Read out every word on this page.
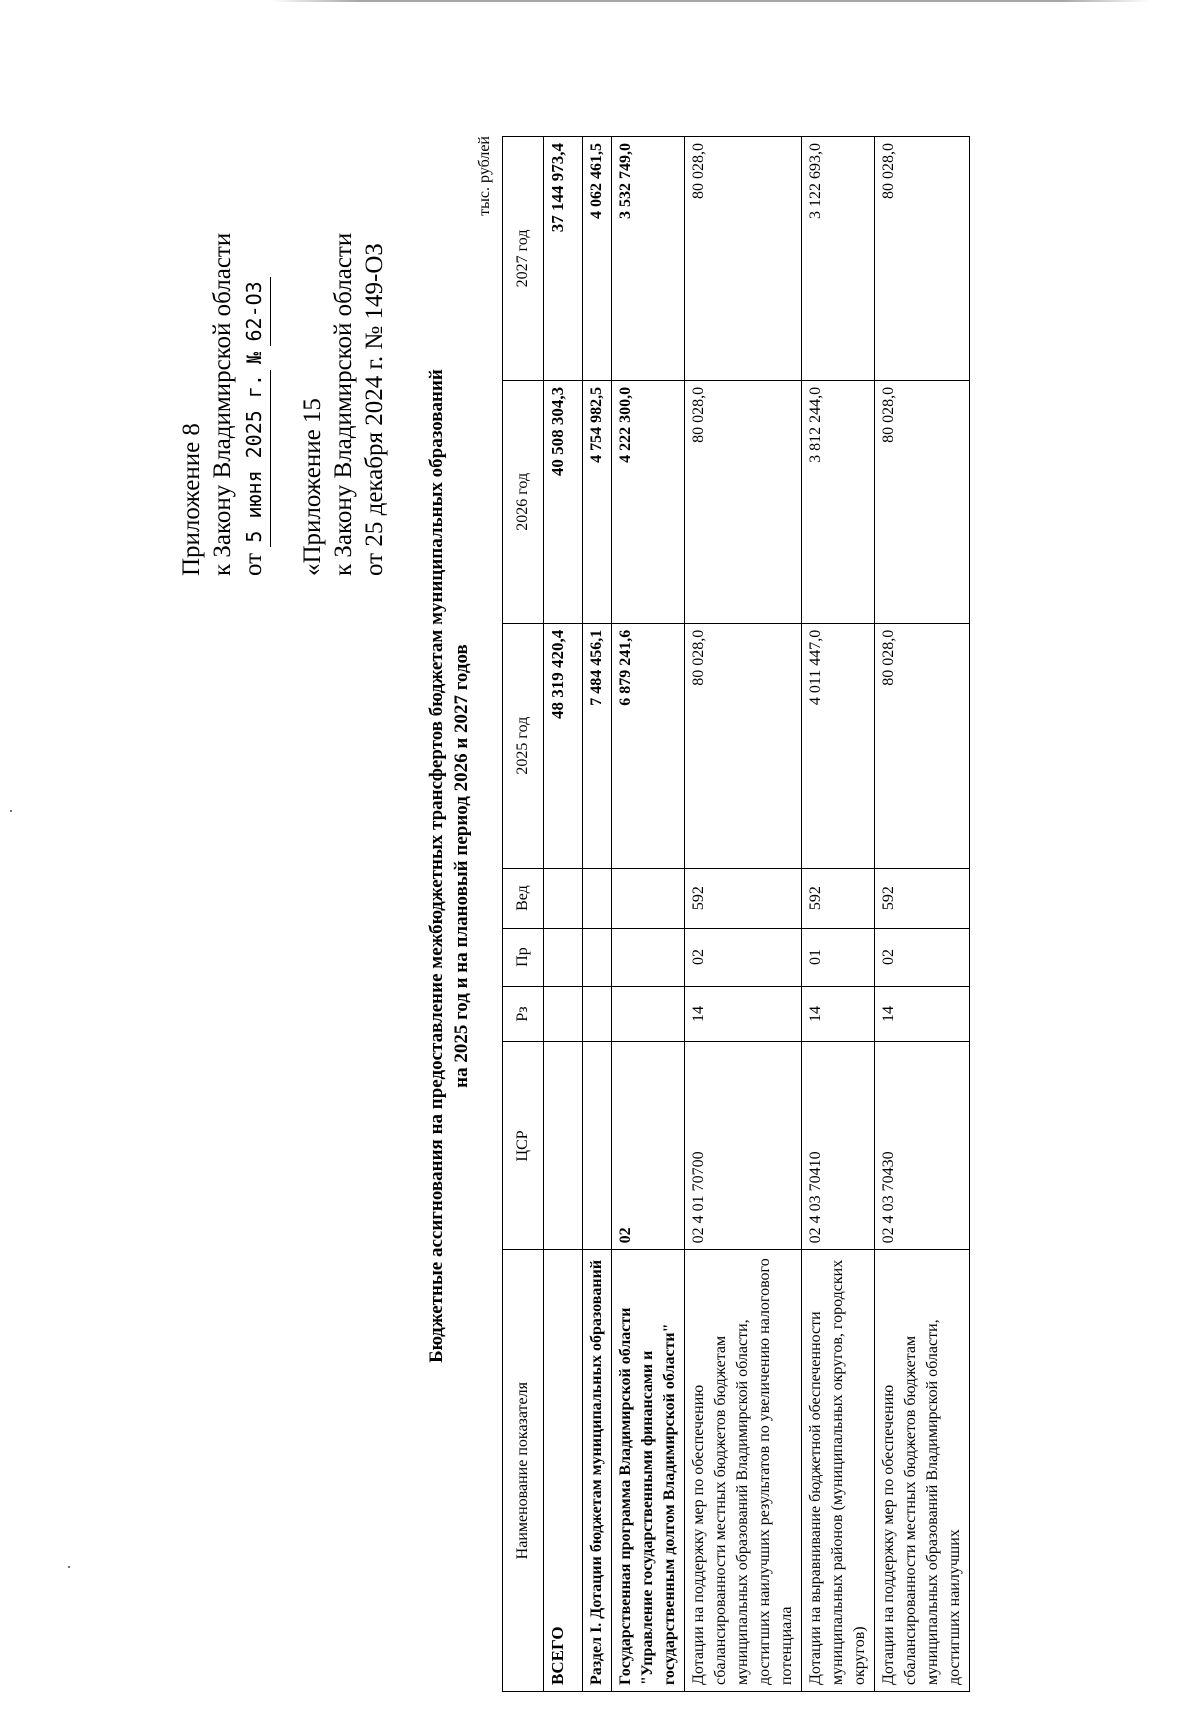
Приложение 8 к Закону Владимирской области от 5 июня 2025 г. № 62-ОЗ
«Приложение 15 к Закону Владимирской области от 25 декабря 2024 г. № 149-ОЗ Бюджетные ассигнования на предоставление межбюджетных трансфертов бюджетам муниципальных образований на 2025 год и на плановый период 2026 и 2027 годов
тыс. рублей
Наименование показателя	ЦСР	Рз	Пр	Вед	2025 год	2026 год	2027 год
ВСЕГО					48 319 420,4	40 508 304,3	37 144 973,4
Раздел I. Дотации бюджетам муниципальных образований					7 484 456,1	4 754 982,5	4 062 461,5
Государственная программа Владимирской области "Управление государственными финансами и государственным долгом Владимирской области"	02				6 879 241,6	4 222 300,0	3 532 749,0
Дотации на поддержку мер по обеспечению сбалансированности местных бюджетов бюджетам муниципальных образований Владимирской области, достигших наилучших результатов по увеличению налогового потенциала	02 4 01 70700	14	02	592	80 028,0	80 028,0	80 028,0
Дотации на выравнивание бюджетной обеспеченности муниципальных районов (муниципальных округов, городских округов)	02 4 03 70410	14	01	592	4 011 447,0	3 812 244,0	3 122 693,0
Дотации на поддержку мер по обеспечению сбалансированности местных бюджетов бюджетам муниципальных образований Владимирской области, достигших наилучших	02 4 03 70430	14	02	592	80 028,0	80 028,0	80 028,0
